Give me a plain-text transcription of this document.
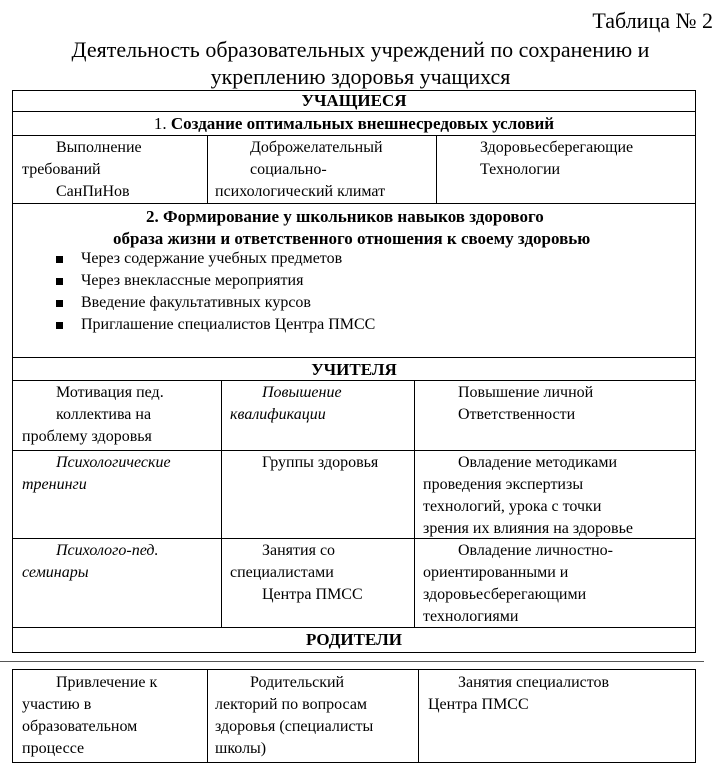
Таблица № 2
Деятельность образовательных учреждений по сохранению и
укреплению здоровья учащихся
УЧАЩИЕСЯ
1. Создание оптимальных внешнесредовых условий
Выполнение
требований
СанПиНов
Доброжелательный
социально-
психологический климат
Здоровьесберегающие
Технологии
2. Формирование у школьников навыков здорового
образа жизни и ответственного отношения к своему здоровью
Через содержание учебных предметов
Через внеклассные мероприятия
Введение факультативных курсов
Приглашение специалистов Центра ПМСС
УЧИТЕЛЯ
Мотивация пед.
коллектива на
проблему здоровья
Повышение
квалификации
Повышение личной
Ответственности
Психологические
тренинги
Группы здоровья	Овладение методиками
проведения экспертизы
технологий, урока с точки
зрения их влияния на здоровье
Психолого-пед.
семинары
Занятия со
специалистами
Центра ПМСС
Овладение личностно-
ориентированными и
здоровьесберегающими
технологиями
РОДИТЕЛИ
Привлечение к
участию в
образовательном
процессе
Родительский
лекторий по вопросам
здоровья (специалисты
школы)
Занятия специалистов
Центра ПМСС
